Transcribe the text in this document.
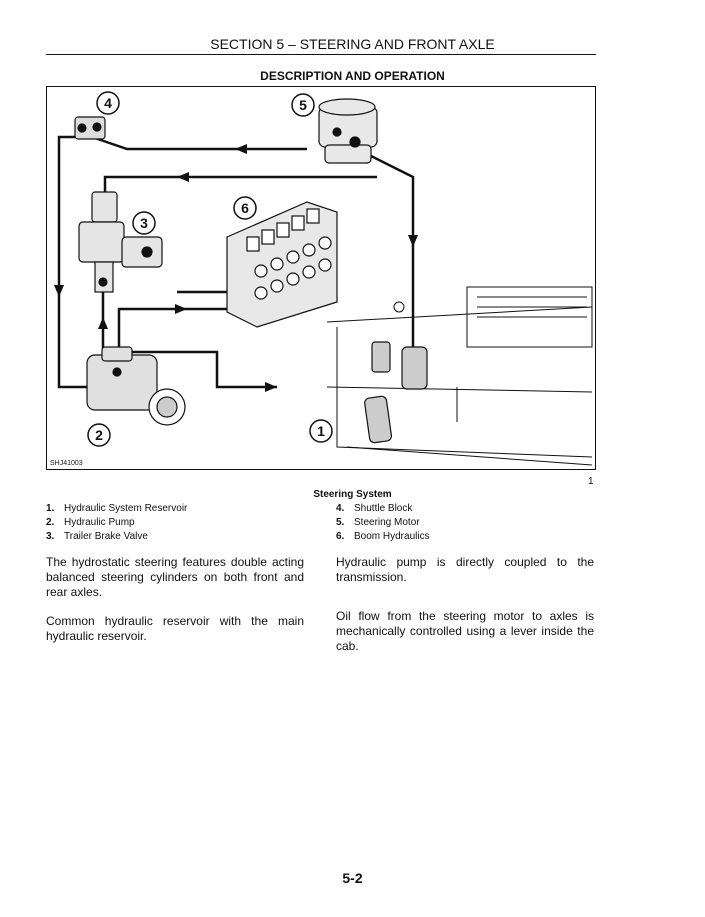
SECTION 5 – STEERING AND FRONT AXLE
DESCRIPTION AND OPERATION
4	5
3
6
2	1
SHJ41003
1
Steering System
1. Hydraulic System Reservoir
2. Hydraulic Pump
3. Trailer Brake Valve
4. Shuttle Block
5. Steering Motor
6. Boom Hydraulics
The hydrostatic steering features double acting balanced steering cylinders on both front and rear axles.
Hydraulic pump is directly coupled to the transmission.
Common hydraulic reservoir with the main hydraulic reservoir.
Oil flow from the steering motor to axles is mechanically controlled using a lever inside the cab.
5-2
